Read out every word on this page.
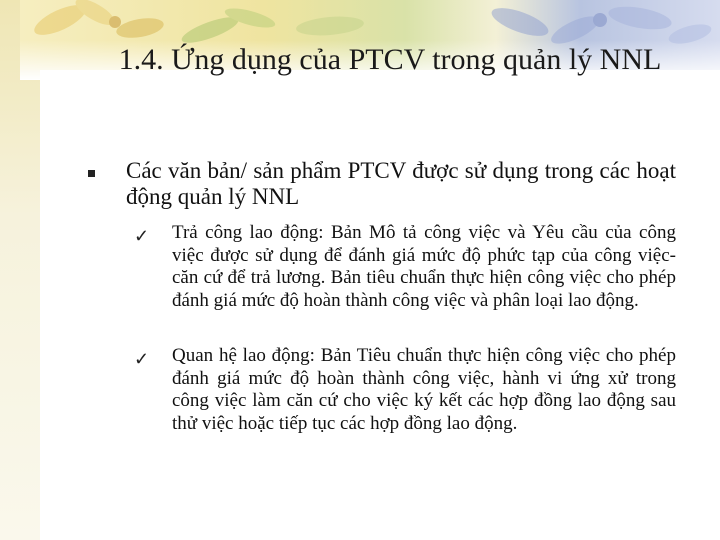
1.4. Ứng dụng của PTCV trong quản lý NNL
Các văn bản/ sản phẩm PTCV được sử dụng trong các hoạt động quản lý NNL
✓ Trả công lao động: Bản Mô tả công việc và Yêu cầu của công việc được sử dụng để đánh giá mức độ phức tạp của công việc-căn cứ để trả lương. Bản tiêu chuẩn thực hiện công việc cho phép đánh giá mức độ hoàn thành công việc và phân loại lao động.
✓ Quan hệ lao động: Bản Tiêu chuẩn thực hiện công việc cho phép đánh giá mức độ hoàn thành công việc, hành vi ứng xử trong công việc làm căn cứ cho việc ký kết các hợp đồng lao động sau thử việc hoặc tiếp tục các hợp đồng lao động.
